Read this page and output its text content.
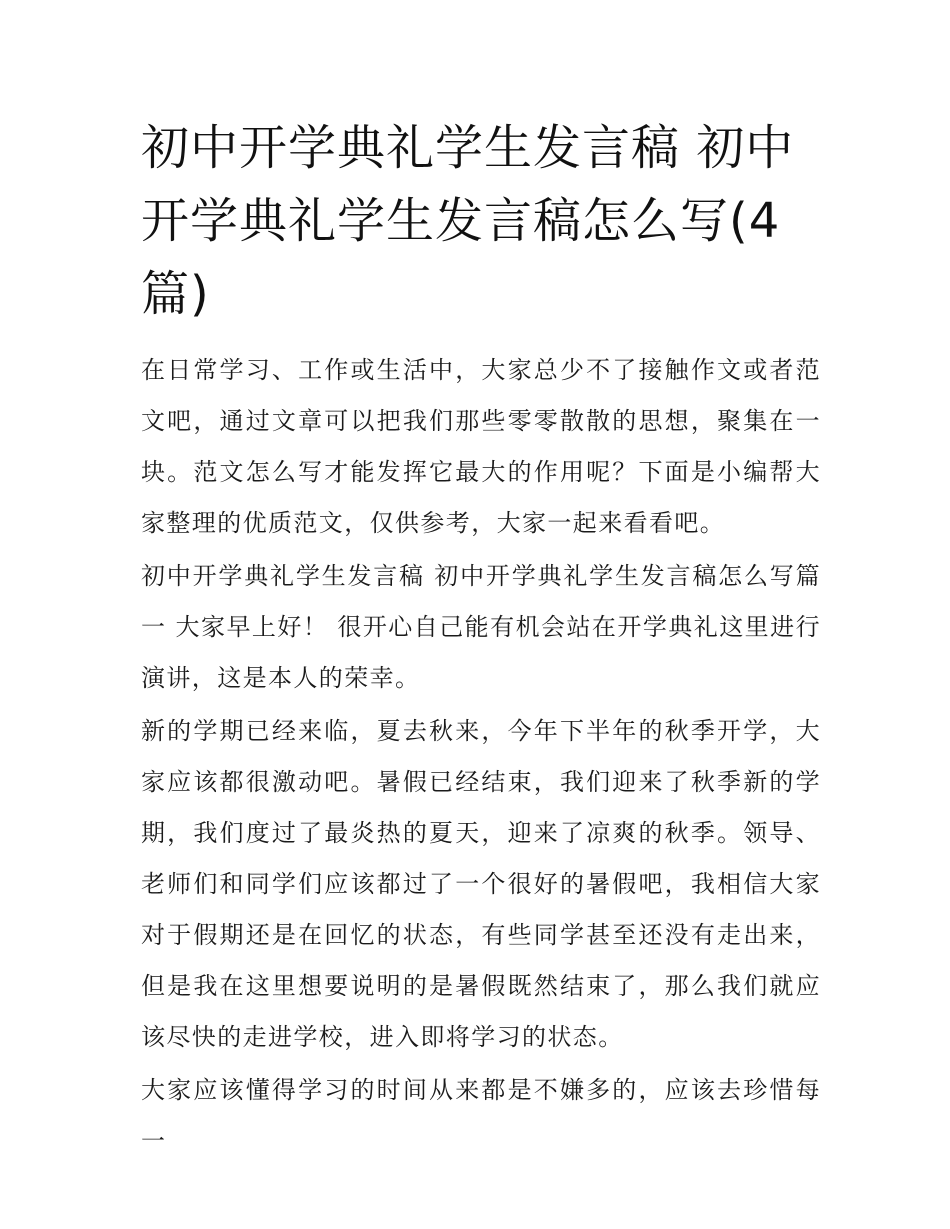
初中开学典礼学生发言稿 初中开学典礼学生发言稿怎么写(4篇)

在日常学习、工作或生活中，大家总少不了接触作文或者范文吧，通过文章可以把我们那些零零散散的思想，聚集在一块。范文怎么写才能发挥它最大的作用呢？下面是小编帮大家整理的优质范文，仅供参考，大家一起来看看吧。

初中开学典礼学生发言稿 初中开学典礼学生发言稿怎么写篇一 大家早上好！ 很开心自己能有机会站在开学典礼这里进行演讲，这是本人的荣幸。

新的学期已经来临，夏去秋来，今年下半年的秋季开学，大家应该都很激动吧。暑假已经结束，我们迎来了秋季新的学期，我们度过了最炎热的夏天，迎来了凉爽的秋季。领导、老师们和同学们应该都过了一个很好的暑假吧，我相信大家对于假期还是在回忆的状态，有些同学甚至还没有走出来，但是我在这里想要说明的是暑假既然结束了，那么我们就应该尽快的走进学校，进入即将学习的状态。

大家应该懂得学习的时间从来都是不嫌多的，应该去珍惜每一
